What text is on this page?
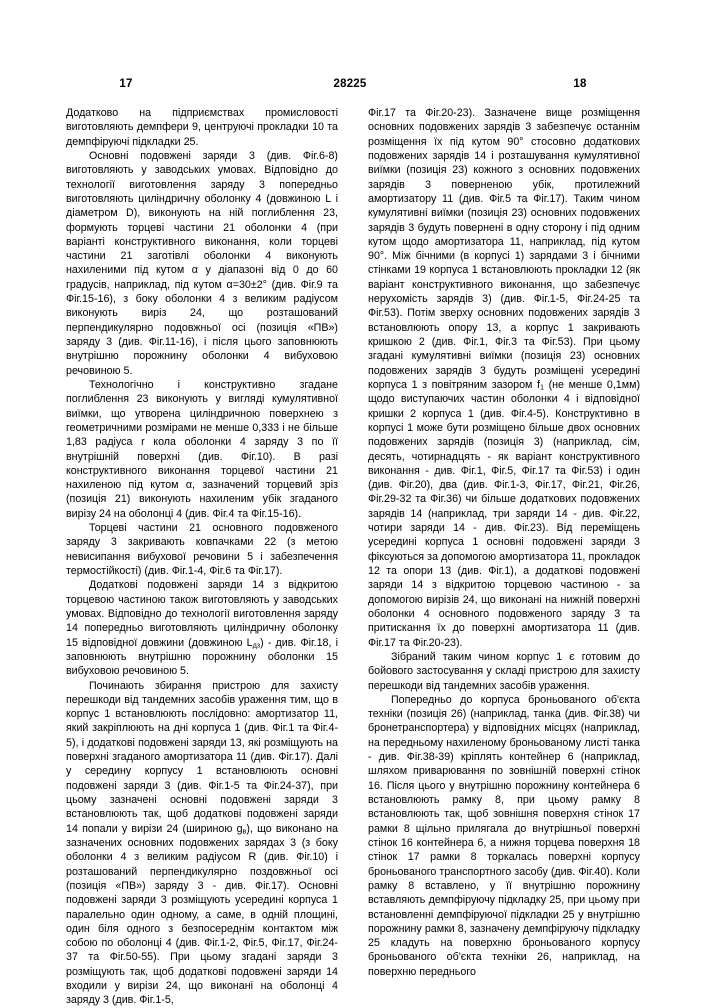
17	28225	18

Додатково на підприємствах промисловості виготовляють демпфери 9, центруючі прокладки 10 та демпфіруючі підкладки 25.

Основні подовжені заряди 3 (див. Фіг.6-8) виготовляють у заводських умовах. Відповідно до технології виготовлення заряду 3 попередньо виготовляють циліндричну оболонку 4 (довжиною L і діаметром D), виконують на ній поглиблення 23, формують торцеві частини 21 оболонки 4 (при варіанті конструктивного виконання, коли торцеві частини 21 заготівлі оболонки 4 виконують нахиленими під кутом α у діапазоні від 0 до 60 градусів, наприклад, під кутом α=30±2° (див. Фіг.9 та Фіг.15-16), з боку оболонки 4 з великим радіусом виконують виріз 24, що розташований перпендикулярно подовжньої осі (позиція «ПВ») заряду 3 (див. Фіг.11-16), і після цього заповнюють внутрішню порожнину оболонки 4 вибуховою речовиною 5.

Технологічно і конструктивно згадане поглиблення 23 виконують у вигляді кумулятивної виїмки, що утворена циліндричною поверхнею з геометричними розмірами не менше 0,333 і не більше 1,83 радіуса r кола оболонки 4 заряду 3 по її внутрішній поверхні (див. Фіг.10). В разі конструктивного виконання торцевої частини 21 нахиленою під кутом α, зазначений торцевий зріз (позиція 21) виконують нахиленим убік згаданого вирізу 24 на оболонці 4 (див. Фіг.4 та Фіг.15-16).

Торцеві частини 21 основного подовженого заряду 3 закривають ковпачками 22 (з метою невисипання вибухової речовини 5 і забезпечення термостійкості) (див. Фіг.1-4, Фіг.6 та Фіг.17).

Додаткові подовжені заряди 14 з відкритою торцевою частиною також виготовляють у заводських умовах. Відповідно до технології виготовлення заряду 14 попередньо виготовляють циліндричну оболонку 15 відповідної довжини (довжиною $L_{дз}$) - див. Фіг.18, і заповнюють внутрішню порожнину оболонки 15 вибуховою речовиною 5.

Починають збирання пристрою для захисту перешкоди від тандемних засобів ураження тим, що в корпус 1 встановлюють послідовно: амортизатор 11, який закріплюють на дні корпуса 1 (див. Фіг.1 та Фіг.4-5), і додаткові подовжені заряди 13, які розміщують на поверхні згаданого амортизатора 11 (див. Фіг.17). Далі у середину корпусу 1 встановлюють основні подовжені заряди 3 (див. Фіг.1-5 та Фіг.24-37), при цьому зазначені основні подовжені заряди 3 встановлюють так, щоб додаткові подовжені заряди 14 попали у вирізи 24 (шириною $g_в$), що виконано на зазначених основних подовжених зарядах 3 (з боку оболонки 4 з великим радіусом R (див. Фіг.10) і розташований перпендикулярно поздовжньої осі (позиція «ПВ») заряду 3 - див. Фіг.17). Основні подовжені заряди 3 розміщують усередині корпуса 1 паралельно один одному, а саме, в одній площині, один біля одного з безпосереднім контактом між собою по оболонці 4 (див. Фіг.1-2, Фіг.5, Фіг.17, Фіг.24-37 та Фіг.50-55). При цьому згадані заряди 3 розміщують так, щоб додаткові подовжені заряди 14 входили у вирізи 24, що виконані на оболонці 4 заряду 3 (див. Фіг.1-5,

Фіг.17 та Фіг.20-23). Зазначене вище розміщення основних подовжених зарядів 3 забезпечує останнім розміщення їх під кутом 90° стосовно додаткових подовжених зарядів 14 і розташування кумулятивної виїмки (позиція 23) кожного з основних подовжених зарядів 3 поверненою убік, протилежний амортизатору 11 (див. Фіг.5 та Фіг.17). Таким чином кумулятивні виїмки (позиція 23) основних подовжених зарядів 3 будуть повернені в одну сторону і під одним кутом щодо амортизатора 11, наприклад, під кутом 90°. Між бічними (в корпусі 1) зарядами 3 і бічними стінками 19 корпуса 1 встановлюють прокладки 12 (як варіант конструктивного виконання, що забезпечує нерухомість зарядів 3) (див. Фіг.1-5, Фіг.24-25 та Фіг.53). Потім зверху основних подовжених зарядів 3 встановлюють опору 13, а корпус 1 закривають кришкою 2 (див. Фіг.1, Фіг.3 та Фіг.53). При цьому згадані кумулятивні виїмки (позиція 23) основних подовжених зарядів 3 будуть розміщені усередині корпуса 1 з повітряним зазором $f_1$ (не менше 0,1мм) щодо виступаючих частин оболонки 4 і відповідної кришки 2 корпуса 1 (див. Фіг.4-5). Конструктивно в корпусі 1 може бути розміщено більше двох основних подовжених зарядів (позиція 3) (наприклад, сім, десять, чотирнадцять - як варіант конструктивного виконання - див. Фіг.1, Фіг.5, Фіг.17 та Фіг.53) і один (див. Фіг.20), два (див. Фіг.1-3, Фіг.17, Фіг.21, Фіг.26, Фіг.29-32 та Фіг.36) чи більше додаткових подовжених зарядів 14 (наприклад, три заряди 14 - див. Фіг.22, чотири заряди 14 - див. Фіг.23). Від переміщень усередині корпуса 1 основні подовжені заряди 3 фіксуються за допомогою амортизатора 11, прокладок 12 та опори 13 (див. Фіг.1), а додаткові подовжені заряди 14 з відкритою торцевою частиною - за допомогою вирізів 24, що виконані на нижній поверхні оболонки 4 основного подовженого заряду 3 та притискання їх до поверхні амортизатора 11 (див. Фіг.17 та Фіг.20-23).

Зібраний таким чином корпус 1 є готовим до бойового застосування у складі пристрою для захисту перешкоди від тандемних засобів ураження.

Попередньо до корпуса броньованого об'єкта техніки (позиція 26) (наприклад, танка (див. Фіг.38) чи бронетранспортера) у відповідних місцях (наприклад, на передньому нахиленому броньованому листі танка - див. Фіг.38-39) кріплять контейнер 6 (наприклад, шляхом приварювання по зовнішній поверхні стінок 16. Після цього у внутрішню порожнину контейнера 6 встановлюють рамку 8, при цьому рамку 8 встановлюють так, щоб зовнішня поверхня стінок 17 рамки 8 щільно прилягала до внутрішньої поверхні стінок 16 контейнера 6, а нижня торцева поверхня 18 стінок 17 рамки 8 торкалась поверхні корпусу броньованого транспортного засобу (див. Фіг.40). Коли рамку 8 вставлено, у її внутрішню порожнину вставляють демпфіруючу підкладку 25, при цьому при встановленні демпфіруючої підкладки 25 у внутрішню порожнину рамки 8, зазначену демпфіруючу підкладку 25 кладуть на поверхню броньованого корпусу броньованого об'єкта техніки 26, наприклад, на поверхню переднього
